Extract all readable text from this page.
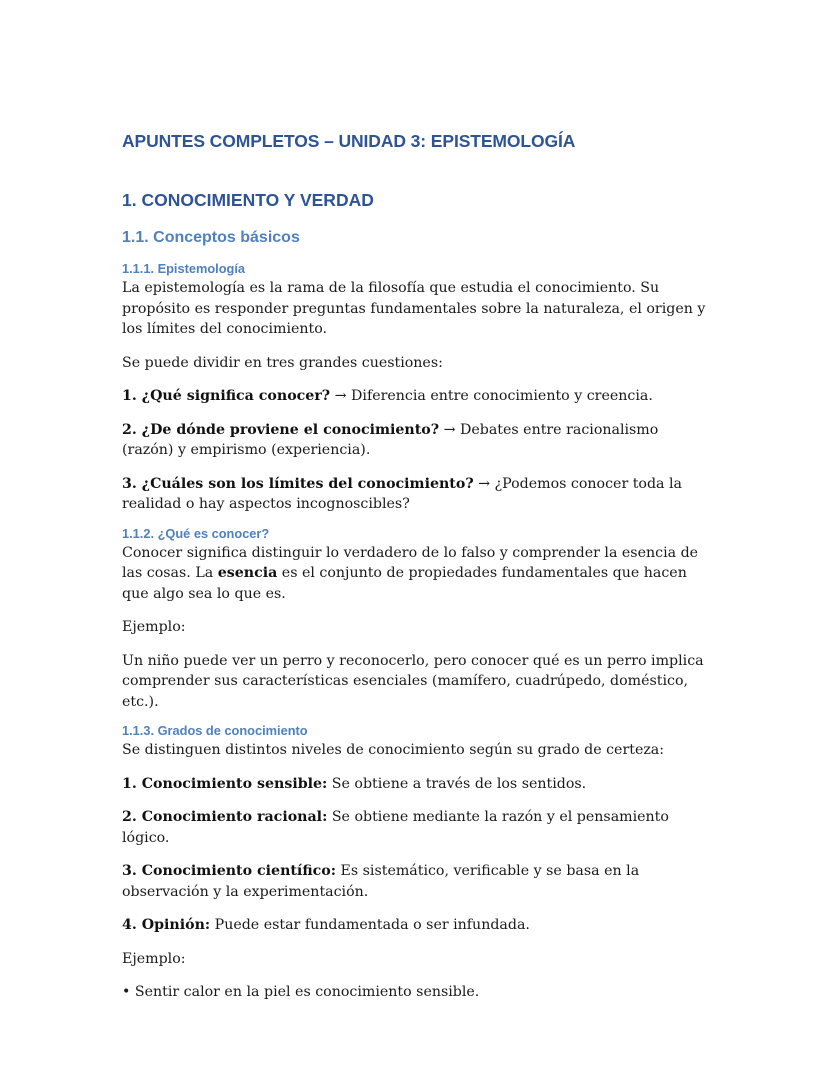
APUNTES COMPLETOS – UNIDAD 3: EPISTEMOLOGÍA
1. CONOCIMIENTO Y VERDAD
1.1. Conceptos básicos
1.1.1. Epistemología

La epistemología es la rama de la filosofía que estudia el conocimiento. Su propósito es responder preguntas fundamentales sobre la naturaleza, el origen y los límites del conocimiento.

Se puede dividir en tres grandes cuestiones:

1. ¿Qué significa conocer? → Diferencia entre conocimiento y creencia.

2. ¿De dónde proviene el conocimiento? → Debates entre racionalismo (razón) y empirismo (experiencia).

3. ¿Cuáles son los límites del conocimiento? → ¿Podemos conocer toda la realidad o hay aspectos incognoscibles?

1.1.2. ¿Qué es conocer?

Conocer significa distinguir lo verdadero de lo falso y comprender la esencia de las cosas. La esencia es el conjunto de propiedades fundamentales que hacen que algo sea lo que es.

Ejemplo:

Un niño puede ver un perro y reconocerlo, pero conocer qué es un perro implica comprender sus características esenciales (mamífero, cuadrúpedo, doméstico, etc.).

1.1.3. Grados de conocimiento

Se distinguen distintos niveles de conocimiento según su grado de certeza:

1. Conocimiento sensible: Se obtiene a través de los sentidos.

2. Conocimiento racional: Se obtiene mediante la razón y el pensamiento lógico.

3. Conocimiento científico: Es sistemático, verificable y se basa en la observación y la experimentación.

4. Opinión: Puede estar fundamentada o ser infundada.

Ejemplo:

• Sentir calor en la piel es conocimiento sensible.
